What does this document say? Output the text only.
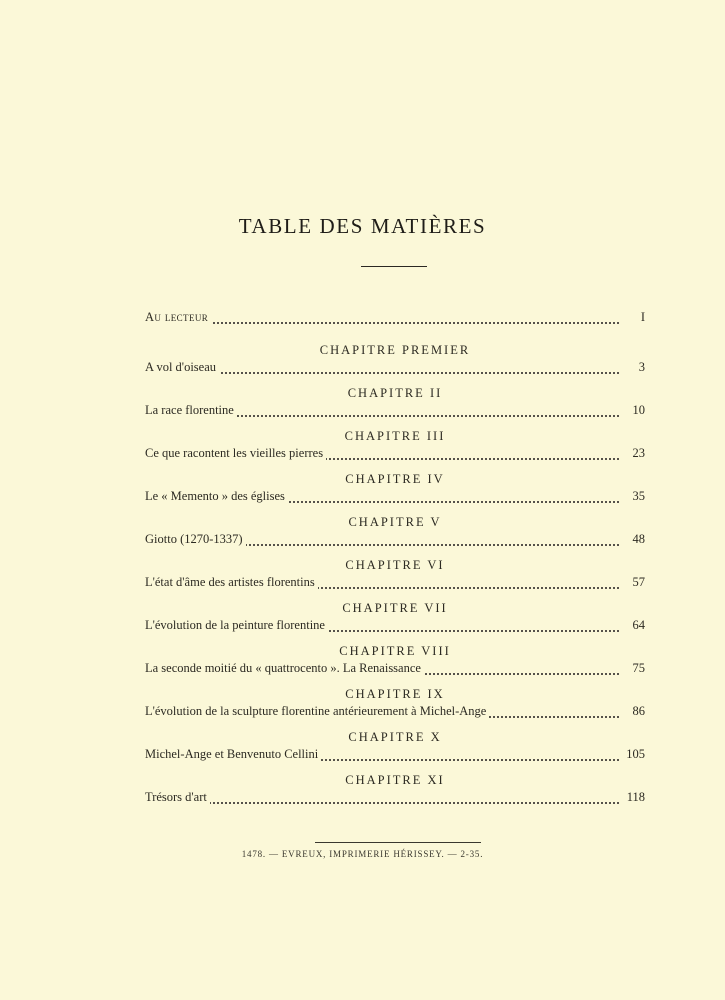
TABLE DES MATIÈRES
Au lecteur	I
CHAPITRE PREMIER
A vol d'oiseau	3
CHAPITRE II
La race florentine	10
CHAPITRE III
Ce que racontent les vieilles pierres	23
CHAPITRE IV
Le « Memento » des églises	35
CHAPITRE V
Giotto (1270-1337)	48
CHAPITRE VI
L'état d'âme des artistes florentins	57
CHAPITRE VII
L'évolution de la peinture florentine	64
CHAPITRE VIII
La seconde moitié du « quattrocento ». La Renaissance	75
CHAPITRE IX
L'évolution de la sculpture florentine antérieurement à Michel-Ange	86
CHAPITRE X
Michel-Ange et Benvenuto Cellini	105
CHAPITRE XI
Trésors d'art	118
1478. — EVREUX, IMPRIMERIE HÉRISSEY. — 2-35.
